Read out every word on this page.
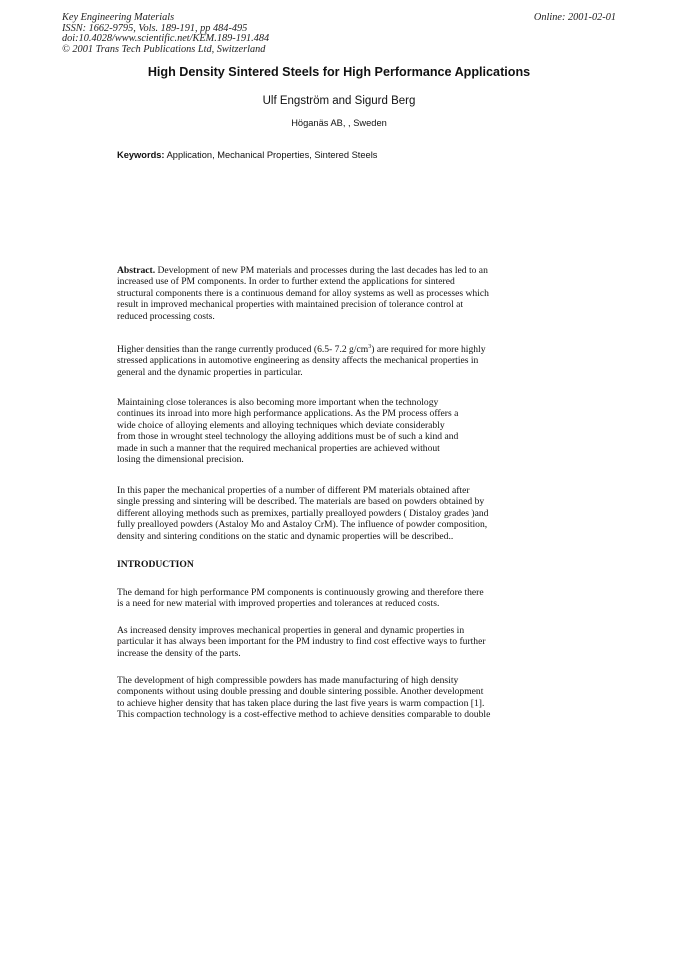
Key Engineering Materials
ISSN: 1662-9795, Vols. 189-191, pp 484-495
doi:10.4028/www.scientific.net/KEM.189-191.484
© 2001 Trans Tech Publications Ltd, Switzerland
Online: 2001-02-01
High Density Sintered Steels for High Performance Applications
Ulf Engström and Sigurd Berg
Höganäs AB, , Sweden
Keywords: Application, Mechanical Properties, Sintered Steels
Abstract. Development of new PM materials and processes during the last decades has led to an
increased use of PM components. In order to further extend the applications for sintered
structural components there is a continuous demand for alloy systems as well as processes which
result in improved mechanical properties with maintained precision of tolerance control at
reduced processing costs.
Higher densities than the range currently produced (6.5- 7.2 $g/cm^3$) are required for more highly
stressed applications in automotive engineering as density affects the mechanical properties in
general and the dynamic properties in particular.
Maintaining close tolerances is also becoming more important when the technology
continues its inroad into more high performance applications. As the PM process offers a
wide choice of alloying elements and alloying techniques which deviate considerably
from those in wrought steel technology the alloying additions must be of such a kind and
made in such a manner that the required mechanical properties are achieved without
losing the dimensional precision.
In this paper the mechanical properties of a number of different PM materials obtained after
single pressing and sintering will be described. The materials are based on powders obtained by
different alloying methods such as premixes, partially prealloyed powders ( Distaloy grades )and
fully prealloyed powders (Astaloy Mo and Astaloy CrM). The influence of powder composition,
density and sintering conditions on the static and dynamic properties will be described..
INTRODUCTION
The demand for high performance PM components is continuously growing and therefore there
is a need for new material with improved properties and tolerances at reduced costs.
As increased density improves mechanical properties in general and dynamic properties in
particular it has always been important for the PM industry to find cost effective ways to further
increase the density of the parts.
The development of high compressible powders has made manufacturing of high density
components without using double pressing and double sintering possible. Another development
to achieve higher density that has taken place during the last five years is warm compaction [1].
This compaction technology is a cost-effective method to achieve densities comparable to double
